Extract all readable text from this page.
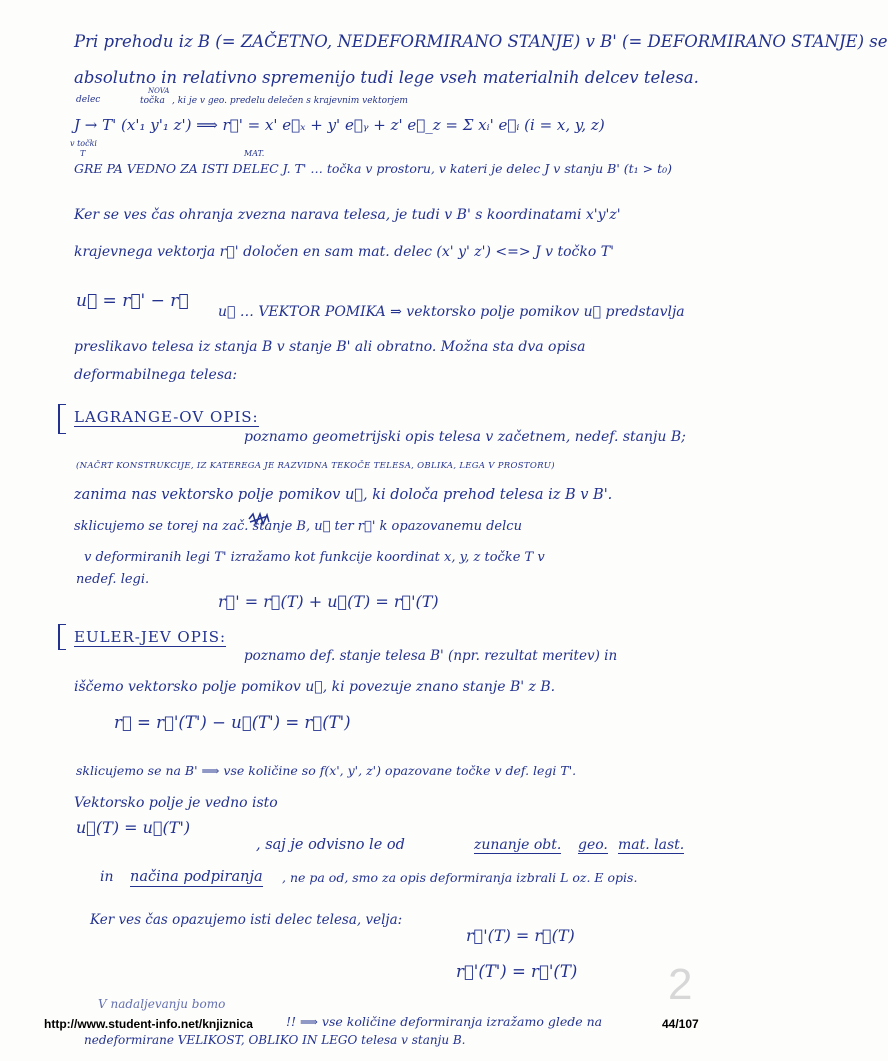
Pri prehodu iz B (= ZAČETNO, NEDEFORMIRANO STANJE) v B' (= DEFORMIRANO STANJE) se
absolutno in relativno spremenijo tudi lege vseh materialnih delcev telesa.
delec
NOVA
točka , ki je v geo. predelu delečen s krajevnim vektorjem
J → T' (x'₁ y'₁ z') ⟹ r⃗' = x' e⃗ₓ + y' e⃗ᵧ + z' e⃗_z = Σ xᵢ' e⃗ᵢ (i = x, y, z)
v točki
T	MAT.
GRE PA VEDNO ZA ISTI DELEC J. T' … točka v prostoru, v kateri je delec J v stanju B' (t₁ > t₀)
Ker se ves čas ohranja zvezna narava telesa, je tudi v B' s koordinatami x'y'z'
krajevnega vektorja r⃗' določen en sam mat. delec (x' y' z') <=> J v točko T'
u⃗ = r⃗' − r⃗
u⃗ … VEKTOR POMIKA ⇒ vektorsko polje pomikov u⃗ predstavlja
preslikavo telesa iz stanja B v stanje B' ali obratno. Možna sta dva opisa
deformabilnega telesa:
LAGRANGE-OV OPIS:
poznamo geometrijski opis telesa v začetnem, nedef. stanju B;
(NAČRT KONSTRUKCIJE, IZ KATEREGA JE RAZVIDNA TEKOČE TELESA, OBLIKA, LEGA V PROSTORU)
zanima nas vektorsko polje pomikov u⃗, ki določa prehod telesa iz B v B'.
sklicujemo se torej na zač. stanje B, u⃗ ter r⃗' k opazovanemu delcu
v deformiranih legi T' izražamo kot funkcije koordinat x, y, z točke T v
nedef. legi.
r⃗' = r⃗(T) + u⃗(T) = r⃗'(T)
EULER-JEV OPIS:
poznamo def. stanje telesa B' (npr. rezultat meritev) in
iščemo vektorsko polje pomikov u⃗, ki povezuje znano stanje B' z B.
r⃗ = r⃗'(T') − u⃗(T') = r⃗(T')
sklicujemo se na B' ⟹ vse količine so f(x', y', z') opazovane točke v def. legi T'.
Vektorsko polje je vedno isto
u⃗(T) = u⃗(T')
, saj je odvisno le od	zunanje obt. geo. mat. last.
in načina podpiranja , ne pa od, smo za opis deformiranja izbrali L oz. E opis.
Ker ves čas opazujemo isti delec telesa, velja:
r⃗'(T) = r⃗(T)
r⃗'(T') = r⃗'(T) 2
V nadaljevanju bomo
http://www.student-info.net/knjiznica	!! ⟹ vse količine deformiranja izražamo glede na	44/107
nedeformirane VELIKOST, OBLIKO IN LEGO telesa v stanju B.
